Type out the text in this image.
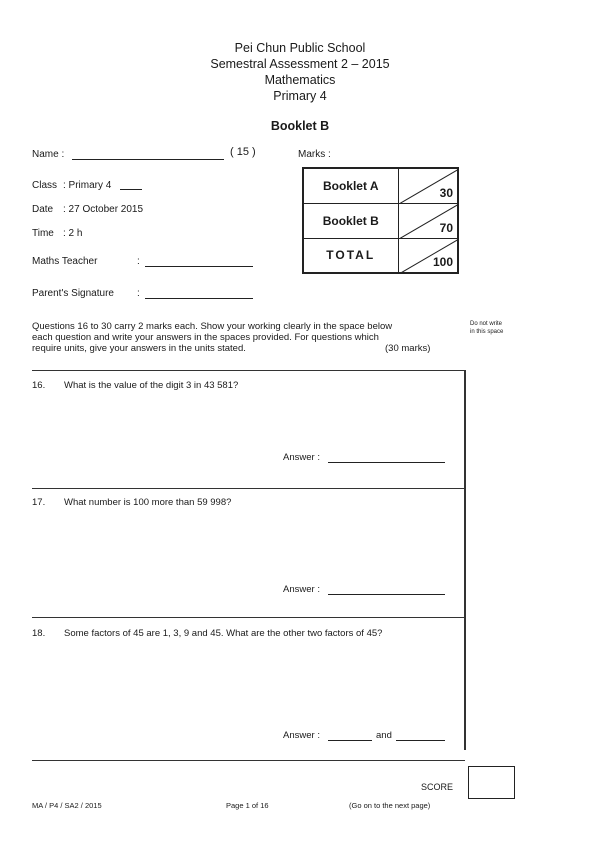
Pei Chun Public School
Semestral Assessment 2 – 2015
Mathematics
Primary 4
Booklet B
Name :	( 15 )	Marks :
Class : Primary 4
Date : 27 October 2015
Time : 2 h
Maths Teacher	:
Parent's Signature :
Booklet A	30

Booklet B	70

TOTAL	100
Questions 16 to 30 carry 2 marks each. Show your working clearly in the space below
each question and write your answers in the spaces provided. For questions which
require units, give your answers in the units stated.	(30 marks)
Do not write
in this space
16. What is the value of the digit 3 in 43 581?
Answer :
17. What number is 100 more than 59 998?
Answer :
18. Some factors of 45 are 1, 3, 9 and 45. What are the other two factors of 45?
Answer :	and
SCORE
MA / P4 / SA2 / 2015	Page 1 of 16	(Go on to the next page)
